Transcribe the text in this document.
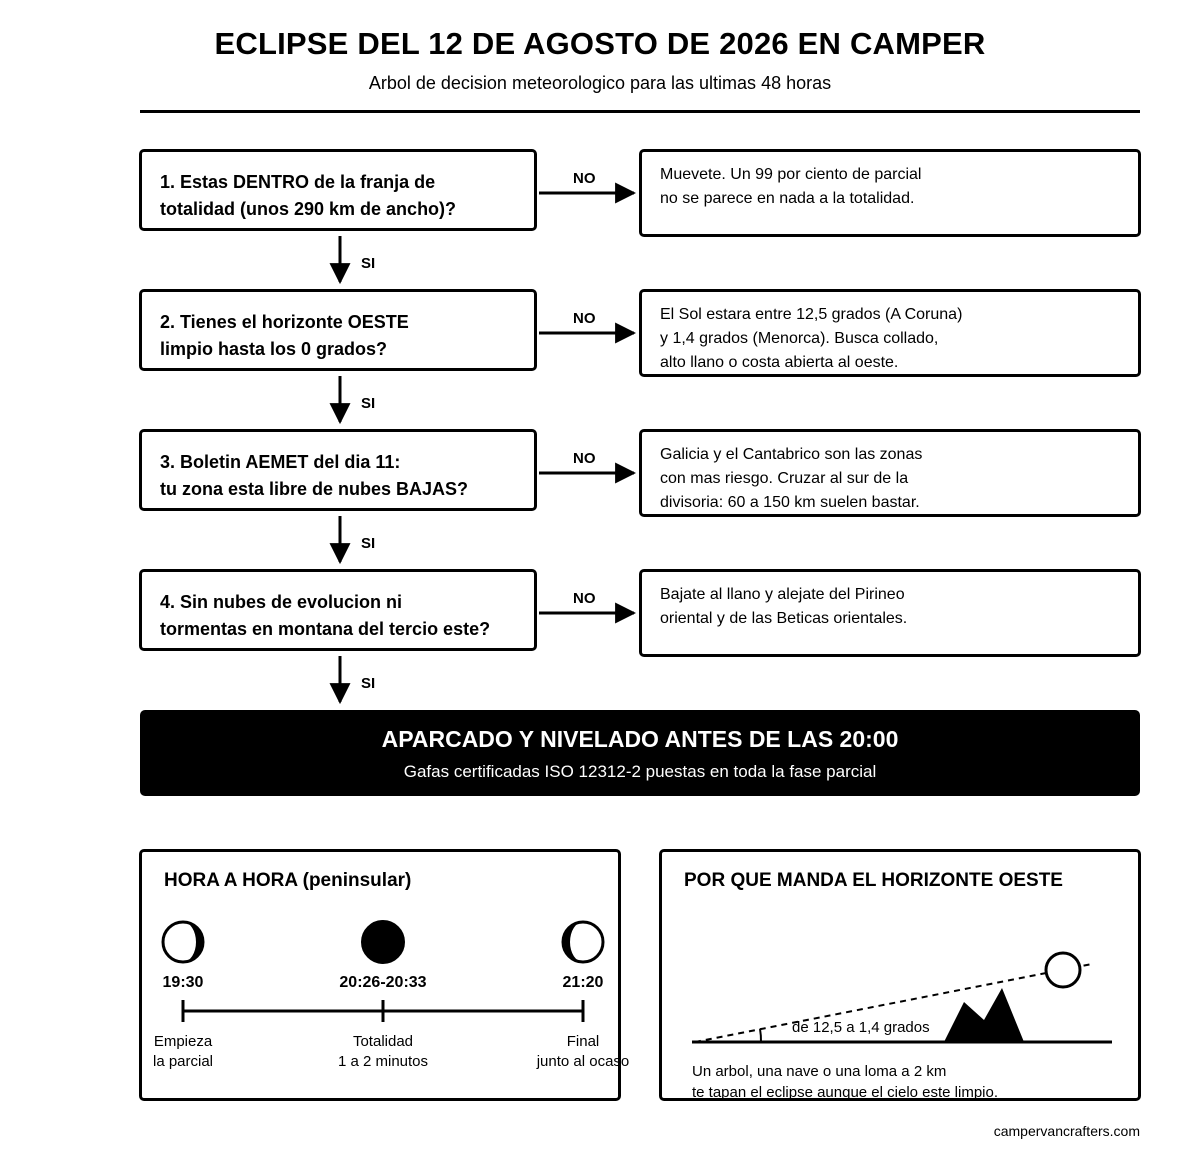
ECLIPSE DEL 12 DE AGOSTO DE 2026 EN CAMPER
Arbol de decision meteorologico para las ultimas 48 horas
1. Estas DENTRO de la franja de
totalidad (unos 290 km de ancho)?
NO	Muevete. Un 99 por ciento de parcial
no se parece en nada a la totalidad.
SI
2. Tienes el horizonte OESTE
limpio hasta los 0 grados?
NO	El Sol estara entre 12,5 grados (A Coruna)
y 1,4 grados (Menorca). Busca collado,
alto llano o costa abierta al oeste.
SI
3. Boletin AEMET del dia 11:
tu zona esta libre de nubes BAJAS?
NO	Galicia y el Cantabrico son las zonas
con mas riesgo. Cruzar al sur de la
divisoria: 60 a 150 km suelen bastar.
SI
4. Sin nubes de evolucion ni
tormentas en montana del tercio este?
NO	Bajate al llano y alejate del Pirineo
oriental y de las Beticas orientales.
SI
APARCADO Y NIVELADO ANTES DE LAS 20:00
Gafas certificadas ISO 12312-2 puestas en toda la fase parcial
HORA A HORA (peninsular)
19:30	20:26-20:33	21:20
Empieza
la parcial
Totalidad
1 a 2 minutos
Final
junto al ocaso
POR QUE MANDA EL HORIZONTE OESTE
de 12,5 a 1,4 grados
Un arbol, una nave o una loma a 2 km
te tapan el eclipse aunque el cielo este limpio.
campervancrafters.com
